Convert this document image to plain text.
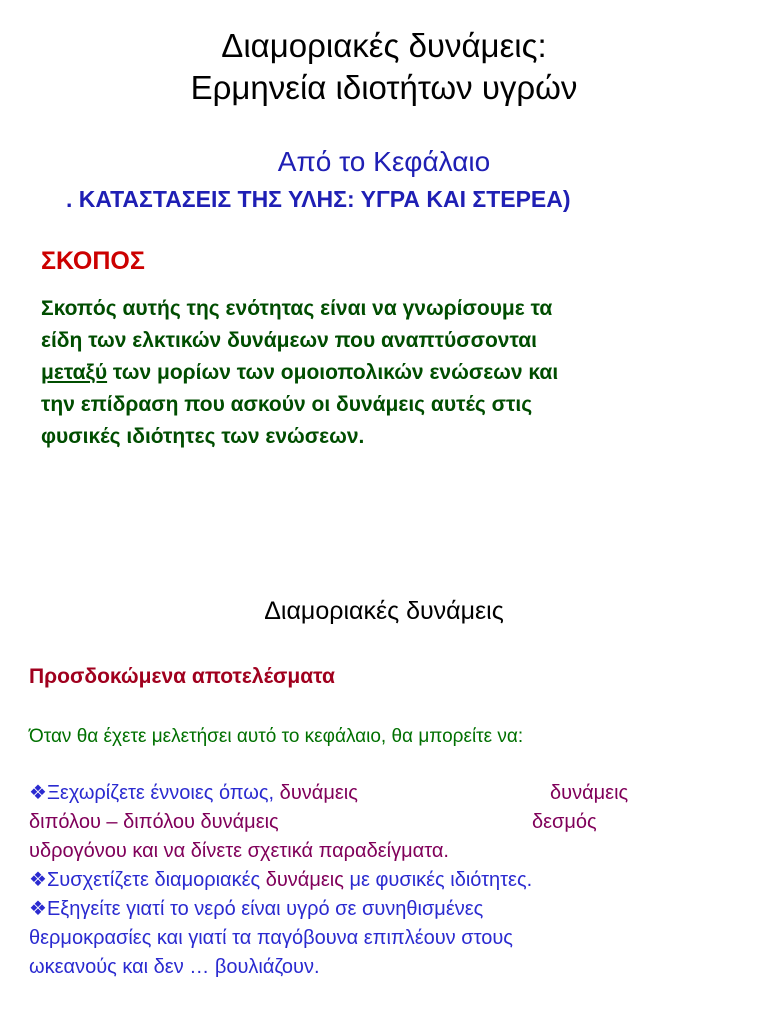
Διαμοριακές δυνάμεις:
Ερμηνεία ιδιοτήτων υγρών
Από το Κεφάλαιο
. ΚΑΤΑΣΤΑΣΕΙΣ ΤΗΣ ΥΛΗΣ: ΥΓΡΑ ΚΑΙ ΣΤΕΡΕΑ)
ΣΚΟΠΟΣ
Σκοπός αυτής της ενότητας είναι να γνωρίσουμε τα
είδη των ελκτικών δυνάμεων που αναπτύσσονται
μεταξύ των μορίων των ομοιοπολικών ενώσεων και
την επίδραση που ασκούν οι δυνάμεις αυτές στις
φυσικές ιδιότητες των ενώσεων.
Διαμοριακές δυνάμεις
Προσδοκώμενα αποτελέσματα
Όταν θα έχετε μελετήσει αυτό το κεφάλαιο, θα μπορείτε να:
❖Ξεχωρίζετε έννοιες όπως, δυνάμεις	δυνάμεις
διπόλου – διπόλου δυνάμεις	δεσμός
υδρογόνου και να δίνετε σχετικά παραδείγματα.
❖Συσχετίζετε διαμοριακές δυνάμεις με φυσικές ιδιότητες.
❖Εξηγείτε γιατί το νερό είναι υγρό σε συνηθισμένες
θερμοκρασίες και γιατί τα παγόβουνα επιπλέουν στους
ωκεανούς και δεν … βουλιάζουν.
